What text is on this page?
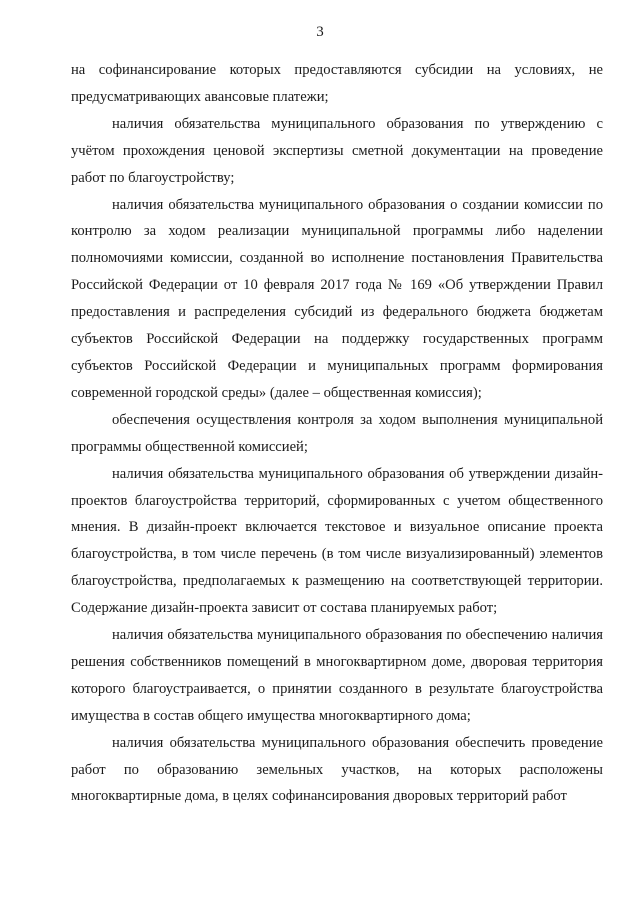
3

на софинансирование которых предоставляются субсидии на условиях, не предусматривающих авансовые платежи;

наличия обязательства муниципального образования по утверждению с учётом прохождения ценовой экспертизы сметной документации на проведение работ по благоустройству;

наличия обязательства муниципального образования о создании комиссии по контролю за ходом реализации муниципальной программы либо наделении полномочиями комиссии, созданной во исполнение постановления Правительства Российской Федерации от 10 февраля 2017 года № 169 «Об утверждении Правил предоставления и распределения субсидий из федерального бюджета бюджетам субъектов Российской Федерации на поддержку государственных программ субъектов Российской Федерации и муниципальных программ формирования современной городской среды» (далее – общественная комиссия);

обеспечения осуществления контроля за ходом выполнения муниципальной программы общественной комиссией;

наличия обязательства муниципального образования об утверждении дизайн-проектов благоустройства территорий, сформированных с учетом общественного мнения. В дизайн-проект включается текстовое и визуальное описание проекта благоустройства, в том числе перечень (в том числе визуализированный) элементов благоустройства, предполагаемых к размещению на соответствующей территории. Содержание дизайн-проекта зависит от состава планируемых работ;

наличия обязательства муниципального образования по обеспечению наличия решения собственников помещений в многоквартирном доме, дворовая территория которого благоустраивается, о принятии созданного в результате благоустройства имущества в состав общего имущества многоквартирного дома;

наличия обязательства муниципального образования обеспечить проведение работ по образованию земельных участков, на которых расположены многоквартирные дома, в целях софинансирования дворовых территорий работ
